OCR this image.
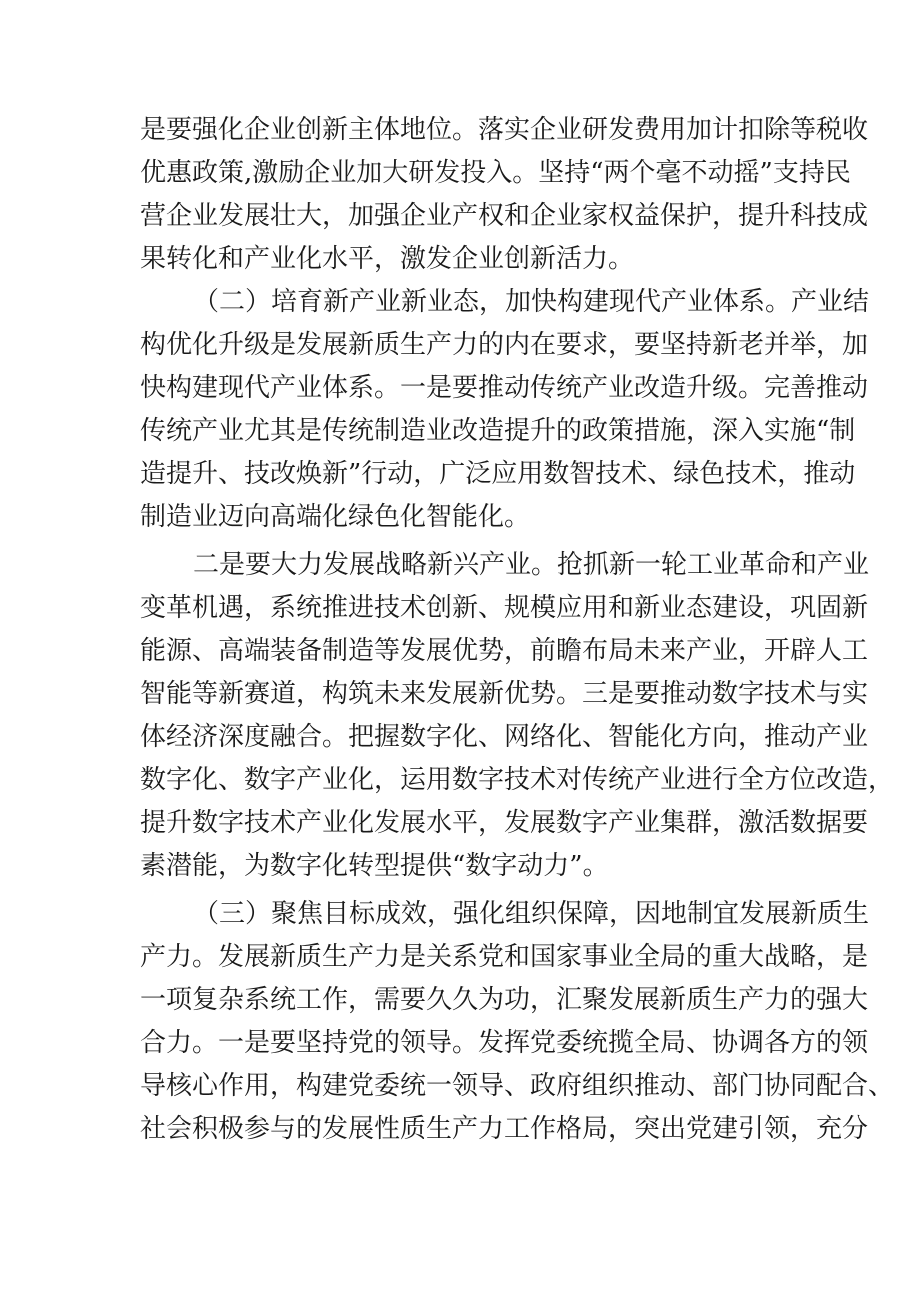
是要强化企业创新主体地位。落实企业研发费用加计扣除等税收
优惠政策,激励企业加大研发投入。坚持“两个毫不动摇”支持民
营企业发展壮大，加强企业产权和企业家权益保护，提升科技成
果转化和产业化水平，激发企业创新活力。
（二）培育新产业新业态，加快构建现代产业体系。产业结
构优化升级是发展新质生产力的内在要求，要坚持新老并举，加
快构建现代产业体系。一是要推动传统产业改造升级。完善推动
传统产业尤其是传统制造业改造提升的政策措施，深入实施“制
造提升、技改焕新”行动，广泛应用数智技术、绿色技术，推动
制造业迈向高端化绿色化智能化。
二是要大力发展战略新兴产业。抢抓新一轮工业革命和产业
变革机遇，系统推进技术创新、规模应用和新业态建设，巩固新
能源、高端装备制造等发展优势，前瞻布局未来产业，开辟人工
智能等新赛道，构筑未来发展新优势。三是要推动数字技术与实
体经济深度融合。把握数字化、网络化、智能化方向，推动产业
数字化、数字产业化，运用数字技术对传统产业进行全方位改造，
提升数字技术产业化发展水平，发展数字产业集群，激活数据要
素潜能，为数字化转型提供“数字动力”。
（三）聚焦目标成效，强化组织保障，因地制宜发展新质生
产力。发展新质生产力是关系党和国家事业全局的重大战略，是
一项复杂系统工作，需要久久为功，汇聚发展新质生产力的强大
合力。一是要坚持党的领导。发挥党委统揽全局、协调各方的领
导核心作用，构建党委统一领导、政府组织推动、部门协同配合、
社会积极参与的发展性质生产力工作格局，突出党建引领，充分
